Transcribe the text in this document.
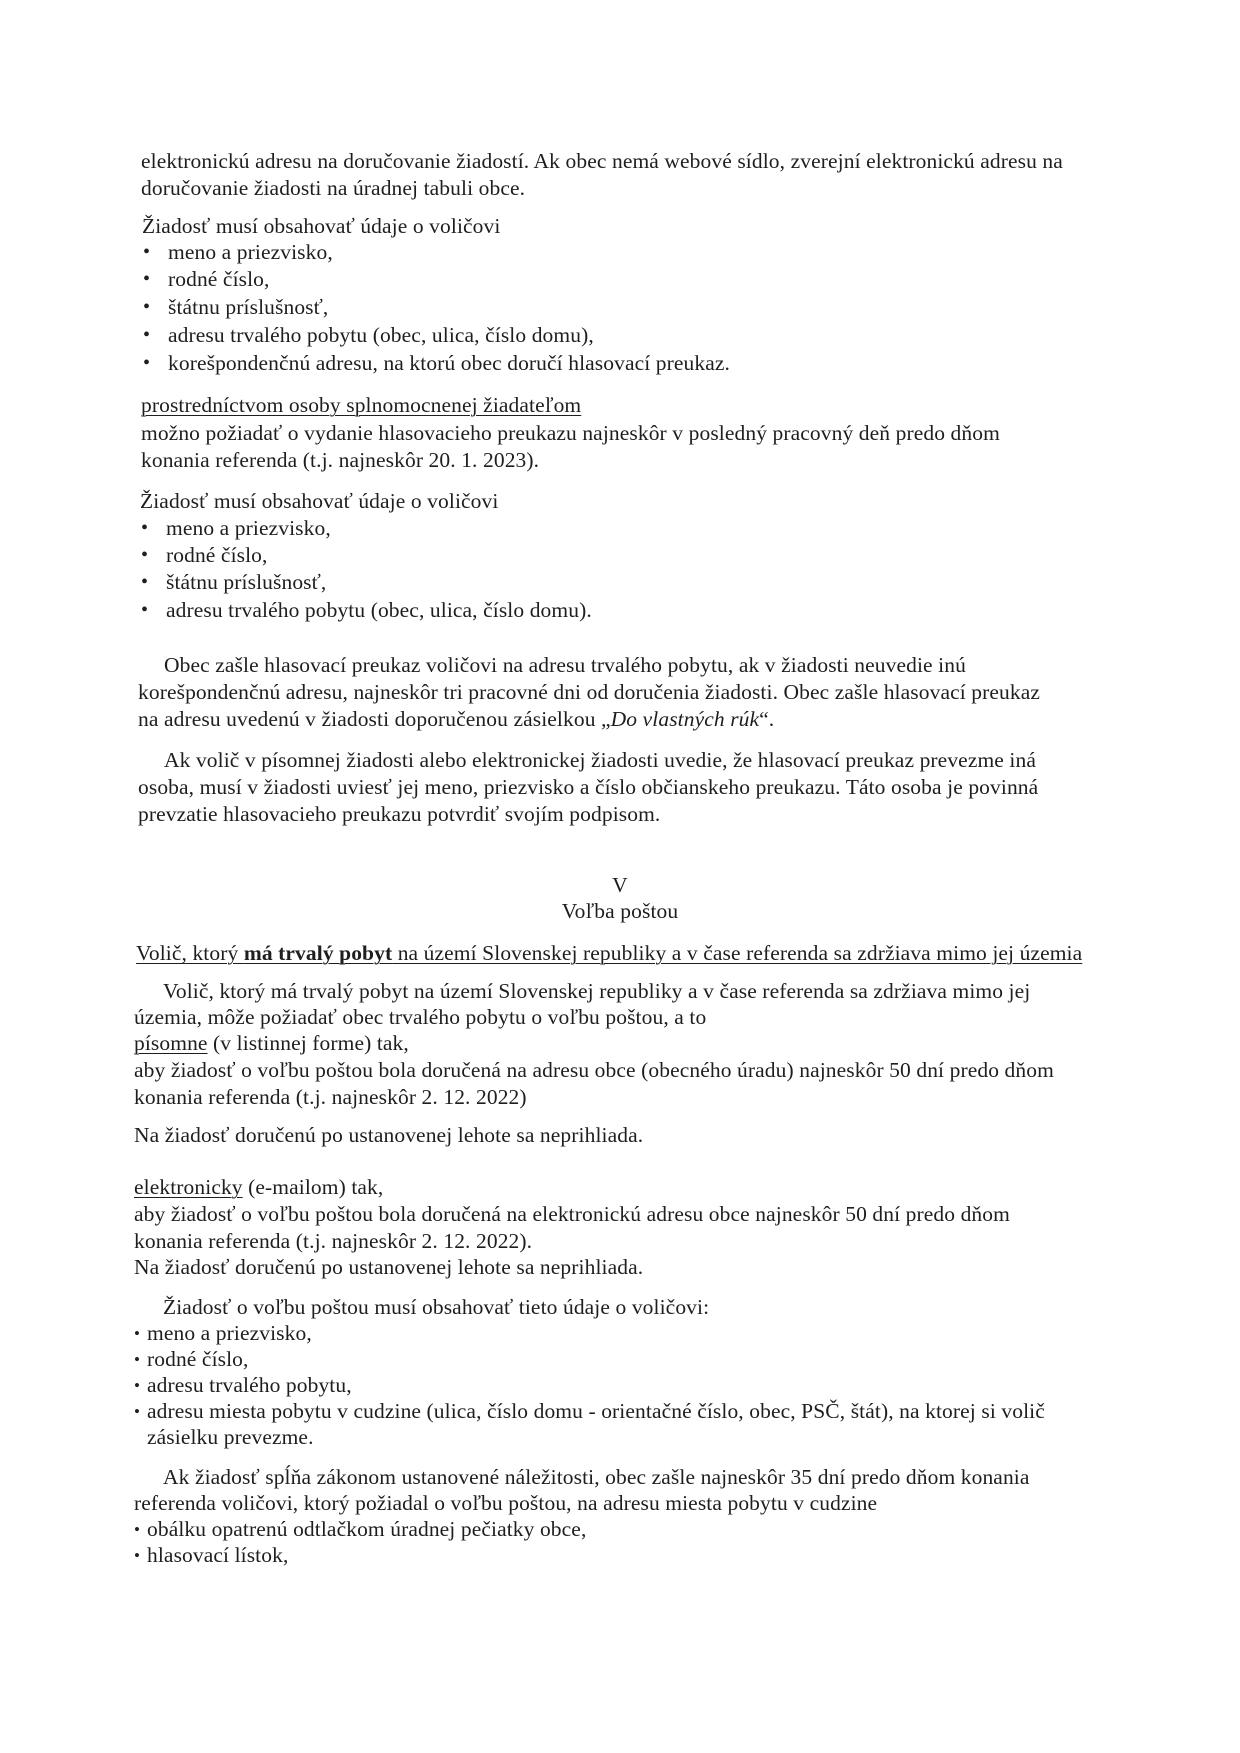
elektronickú adresu na doručovanie žiadostí. Ak obec nemá webové sídlo, zverejní elektronickú adresu na
doručovanie žiadosti na úradnej tabuli obce.
Žiadosť musí obsahovať údaje o voličovi
• meno a priezvisko,
• rodné číslo,
• štátnu príslušnosť,
• adresu trvalého pobytu (obec, ulica, číslo domu),
• korešpondenčnú adresu, na ktorú obec doručí hlasovací preukaz.
prostredníctvom osoby splnomocnenej žiadateľom
možno požiadať o vydanie hlasovacieho preukazu najneskôr v posledný pracovný deň predo dňom
konania referenda (t.j. najneskôr 20. 1. 2023).
Žiadosť musí obsahovať údaje o voličovi
• meno a priezvisko,
• rodné číslo,
• štátnu príslušnosť,
• adresu trvalého pobytu (obec, ulica, číslo domu).
Obec zašle hlasovací preukaz voličovi na adresu trvalého pobytu, ak v žiadosti neuvedie inú
korešpondenčnú adresu, najneskôr tri pracovné dni od doručenia žiadosti. Obec zašle hlasovací preukaz
na adresu uvedenú v žiadosti doporučenou zásielkou „Do vlastných rúk“.
Ak volič v písomnej žiadosti alebo elektronickej žiadosti uvedie, že hlasovací preukaz prevezme iná
osoba, musí v žiadosti uviesť jej meno, priezvisko a číslo občianskeho preukazu. Táto osoba je povinná
prevzatie hlasovacieho preukazu potvrdiť svojím podpisom.
V
Voľba poštou
Volič, ktorý má trvalý pobyt na území Slovenskej republiky a v čase referenda sa zdržiava mimo jej územia
Volič, ktorý má trvalý pobyt na území Slovenskej republiky a v čase referenda sa zdržiava mimo jej
územia, môže požiadať obec trvalého pobytu o voľbu poštou, a to
písomne (v listinnej forme) tak,
aby žiadosť o voľbu poštou bola doručená na adresu obce (obecného úradu) najneskôr 50 dní predo dňom
konania referenda (t.j. najneskôr 2. 12. 2022)
Na žiadosť doručenú po ustanovenej lehote sa neprihliada.
elektronicky (e-mailom) tak,
aby žiadosť o voľbu poštou bola doručená na elektronickú adresu obce najneskôr 50 dní predo dňom
konania referenda (t.j. najneskôr 2. 12. 2022).
Na žiadosť doručenú po ustanovenej lehote sa neprihliada.
Žiadosť o voľbu poštou musí obsahovať tieto údaje o voličovi:
• meno a priezvisko,
• rodné číslo,
• adresu trvalého pobytu,
• adresu miesta pobytu v cudzine (ulica, číslo domu - orientačné číslo, obec, PSČ, štát), na ktorej si volič
zásielku prevezme.
Ak žiadosť spĺňa zákonom ustanovené náležitosti, obec zašle najneskôr 35 dní predo dňom konania
referenda voličovi, ktorý požiadal o voľbu poštou, na adresu miesta pobytu v cudzine
• obálku opatrenú odtlačkom úradnej pečiatky obce,
• hlasovací lístok,
